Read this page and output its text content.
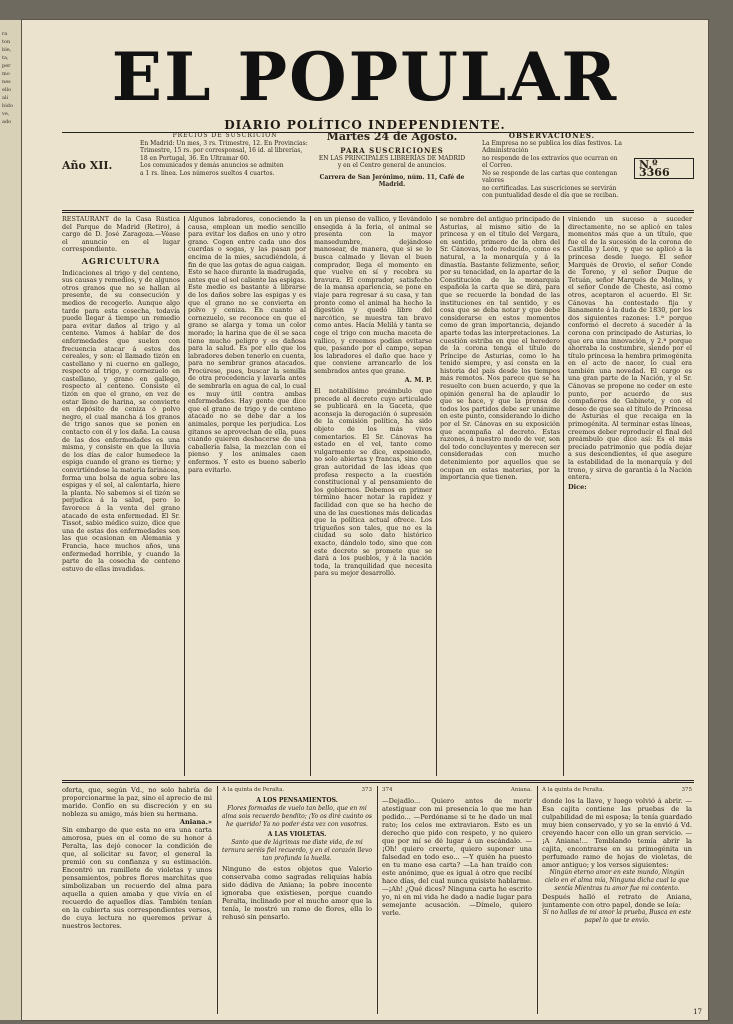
ra
ton
ble,
ta,
per
mo
nes
ello
ali
bido
ve,
ado
EL POPULAR
DIARIO POLÍTICO INDEPENDIENTE.
Año XII.
PRECIOS DE SUSCRICION
En Madrid: Un mes, 3 rs. Trimestre, 12. En Provincias:
Trimestre, 15 rs. por corresponsal, 16 id. al librerías,
18 en Portugal, 36. En Ultramar 60.
Los comunicados y demás anuncios se admiten
a 1 rs. línea. Los números sueltos 4 cuartos.
Martes 24 de Agosto.
PARA SUSCRICIONES
EN LAS PRINCIPALES LIBRERÍAS DE MADRID
y en el Centro general de anuncios.
Carrera de San Jerónimo, núm. 11, Café de Madrid.
OBSERVACIONES.
La Empresa no se publica los días festivos. La Administración
no responde de los extravíos que ocurran en el Correo.
No se responde de las cartas que contengan valores
no certificadas. Las suscriciones se servirán
con puntualidad desde el día que se reciban.
N.º 3366
RESTAURANT de la Casa Rústica del Parque de Madrid (Retiro), á cargo de D. José Zaragoza.—Véase el anuncio en el lugar correspondiente.
AGRICULTURA
Indicaciones al trigo y del centeno, sus causas y remedios, y de algunos otros granos que no se hallan al presente, de su consecución y medios de recogerlo. Aunque algo tarde para esta cosecha, todavía puede llegar á tiempo un remedio para evitar daños al trigo y al centeno. Vamos á hablar de dos enfermedades que suelen con frecuencia atacar á estos dos cereales, y son: el llamado tizón en castellano y ni cuerno en gallego, respecto al trigo, y cornezuelo en castellano, y grano en gallego, respecto al centeno. Consiste el tizón en que el grano, en vez de estar lleno de harina, se convierte en depósito de ceniza ó polvo negro, el cual mancha á los granos de trigo sanos que se ponen en contacto con él y los daña. La causa de las dos enfermedades es una misma, y consiste en que la lluvia de los días de calor humedece la espiga cuando el grano es tierno; y convirtiéndose la materia farinácea, forma una bolsa de agua sobre las espigas y el sol, al calentarla, hiere la planta. No sabemos si el tizón se perjudica á la salud, pero lo favorece á la venta del grano atacado de esta enfermedad. El Sr. Tissot, sabio médico suizo, dice que una de estas dos enfermedades son las que ocasionan en Alemania y Francia, hace muchos años, una enfermedad horrible, y cuando la parte de la cosecha de centeno estuvo de ellas invadidas.
Algunos labradores, conociendo la causa, emplean un medio sencillo para evitar los daños en uno y otro grano. Cogen entre cada uno dos cuerdas o sogas, y las pasan por encima de la mies, sacudiéndola, á fin de que las gotas de agua caigan. Esto se hace durante la madrugada, antes que el sol caliente las espigas. Este medio es bastante á librarse de los daños sobre las espigas y es que el grano no se convierta en polvo y ceniza. En cuanto al cornezuelo, se reconoce en que el grano se alarga y toma un color morado; la harina que de él se saca tiene mucho peligro y es dañosa para la salud. Es por ello que los labradores deben tenerlo en cuenta, para no sembrar granos atacados. Procúrese, pues, buscar la semilla de otra procedencia y lavarla antes de sembrarla en agua de cal, lo cual es muy útil contra ambas enfermedades. Hay gente que dice que el grano de trigo y de centeno atacado no se debe dar a los animales, porque les perjudica. Los gitanos se aprovechan de ella, pues cuando quieren deshacerse de una caballería falsa, la mezclan con el pienso y los animales caen enfermos. Y esto es bueno saberlo para evitarlo.
en un pienso de vallico, y llevándolo ensegida á la feria, el animal se presenta con la mayor mansedumbre, dejándose manosear, de manera, que si se lo busca calmado y llevan el buen comprador, llega el momento en que vuelve en sí y recobra su bravura. El comprador, satisfecho de la mansa apariencia, se pone en viaje para regresar á su casa, y tan pronto como el animal ha hecho la digestión y quedó libre del narcótico, se muestra tan bravo como antes. Hacía Melilá y tanta se coge el trigo con mucha maceta de vallico, y creemos podían evitarse que, pasando por el campo, sepan los labradores el daño que hace y que conviene arrancarlo de los sembrados antes que grane.
A. M. P.
El notabilísimo preámbulo que precede al decreto cuyo articulado se publicará en la Gaceta, que aconseja la derogación ó supresión de la comisión política, ha sido objeto de los más vivos comentarios. El Sr. Cánovas ha estado en el vel, tanto como vulgarmente se dice, exponiendo, no solo abiertas y francas, sino con gran autoridad de las ideas que profesa respecto a la cuestión constitucional y al pensamiento de los gobiernos. Debemos en primer término hacer notar la rapidez y facilidad con que se ha hecho de una de las cuestiones más delicadas que la política actual ofrece. Los trigueños son tales, que no es la ciudad su solo dato histórico exacto, dándolo todo, sino que con este decreto se promete que se dará a los pueblos, y á la nación toda, la tranquilidad que necesita para su mejor desarrollo.
se nombre del antiguo principado de Asturias, al mismo sitio de la princesa y en el título del Vergara, en sentido, primero de la obra del Sr. Cánovas, todo reducido, como es natural, a la monarquía y á la dinastía. Bastante felizmente, señor, por su tenacidad, en la apartar de la Constitución de la monarquía española la carta que se dirá, para que se recuerde la bondad de las instituciones en tal sentido, y es cosa que se deba notar y que debe considerarse en estos momentos como de gran importancia, dejando aparte todas las interpretaciones. La cuestión estriba en que el heredero de la corona tenga el título de Príncipe de Asturias, como lo ha tenido siempre, y así consta en la historia del país desde los tiempos más remotos. Nos parece que se ha resuelto con buen acuerdo, y que la opinión general ha de aplaudir lo que se hace, y que la prensa de todos los partidos debe ser unánime en este punto, considerando lo dicho por el Sr. Cánovas en su exposición que acompaña al decreto. Estas razones, á nuestro modo de ver, son del todo concluyentes y merecen ser consideradas con mucho detenimiento por aquellos que se ocupan en estas materias, por la importancia que tienen.
viniendo un suceso a suceder directamente, no se aplicó en tales momentos más que a un título, que fue el de la sucesión de la corona de Castilla y León, y que se aplicó a la princesa desde luego. El señor Marqués de Orovio, el señor Conde de Toreno, y el señor Duque de Tetuán, señor Marqués de Molins, y el señor Conde de Cheste, así como otros, aceptaron el acuerdo. El Sr. Cánovas ha contestado fija y llanamente á la duda de 1830, por los dos siguientes razones: 1.ª porque conformó el decreto á suceder á la corona con principado de Asturias, lo que era una innovación, y 2.ª porque ahorraba la costumbre, siendo por el título princesa la hembra primogénita en el acto de nacer, lo cual era también una novedad. El cargo es una gran parte de la Nación, y el Sr. Cánovas se propone no ceder en este punto, por acuerdo de sus compañeros de Gabinete, y con el deseo de que sea el título de Princesa de Asturias el que recaiga en la primogénita. Al terminar estas líneas, creemos deber reproducir el final del preámbulo que dice así: Es el más preciado patrimonio que podía dejar a sus descendientes, el que asegure la estabilidad de la monarquía y del trono, y sirva de garantía á la Nación entera.
Dice:
oferta, que, según Vd., no solo habría de proporcionarme la paz, sino el aprecio de mi marido. Confío en su discreción y en su nobleza su amigo, más bien su hermana.
Aniana.»
Sin embargo de que esta no era una carta amorosa, pues en el como de su honor á Peralta, las dejó conocer la condición de que, al solicitar su favor, el general la premió con su confianza y su estimación. Encontró un ramillete de violetas y unos pensamientos, pobres flores marchitas que simbolizaban un recuerdo del alma para aquella a quien amaba y que vivía en el recuerdo de aquellos días. También tenían en la cubierta sus correspondientes versos, de cuya lectura no queremos privar á nuestros lectores.
A la quinta de Peralta.	373
A LOS PENSAMIENTOS.
Flores formadas de vuelo tan bello, que en mi alma sois recuerdo bendito; ¡Yo os diré cuánto os he querido! Ya no poder ésta vez con vosotras.
A LAS VIOLETAS.
Santo que de lágrimas me diste vida, de mi ternura seréis fiel recuerdo, y en el corazón llevo tan profunda la huella.
Ninguno de estos objetos que Valerio conservaba como sagradas reliquias había sido dádiva de Aniana; la pobre inocente ignoraba que existiesen, porque cuando Peralta, inclinado por el mucho amor que la tenía, le mostró un ramo de flores, ella lo rehusó sin pensarlo.
374	Aniana.
—Dejadlo... Quiero antes de morir atestiguar con mi presencia lo que me han pedido... —Perdóname si te he dado un mal rato; los celos me extraviaron. Esto es un derecho que pido con respeto, y no quiero que por mí se dé lugar á un escándalo. —¡Oh! quiero creerte, quiero suponer una falsedad en todo eso... —Y quién ha puesto en tu mano esa carta? —La han traído con este anónimo, que es igual á otro que recibí hace días, del cual nunca quisiste hablarme. —¡Ah! ¿Qué dices? Ninguna carta he escrito yo, ni en mi vida he dado a nadie lugar para semejante acusación. —Dímelo, quiero verle.
A la quinta de Peralta.	375
donde los la llave, y luego volvió á abrir. —Esa cajita contiene las pruebas de la culpabilidad de mi esposa; la tenía guardado muy bien conservado, y yo se la envió á Vd. creyendo hacer con ello un gran servicio. —¡A Aniana!... Temblando temía abrir la cajita, encontrarse en su primogénita un perfumado ramo de hojas de violetas, de amor antiguo; y los versos siguientes:
Ningún eterno amor en este mundo, Ningún cielo en el alma mía, Ninguna dicha cual la que sentía Mientras tu amor fue mi contento.
Después halló el retrato de Aniana, juntamente con otro papel, donde se leía:
Si no hallas de mi amor la prueba, Busca en este papel lo que te envío.
17
